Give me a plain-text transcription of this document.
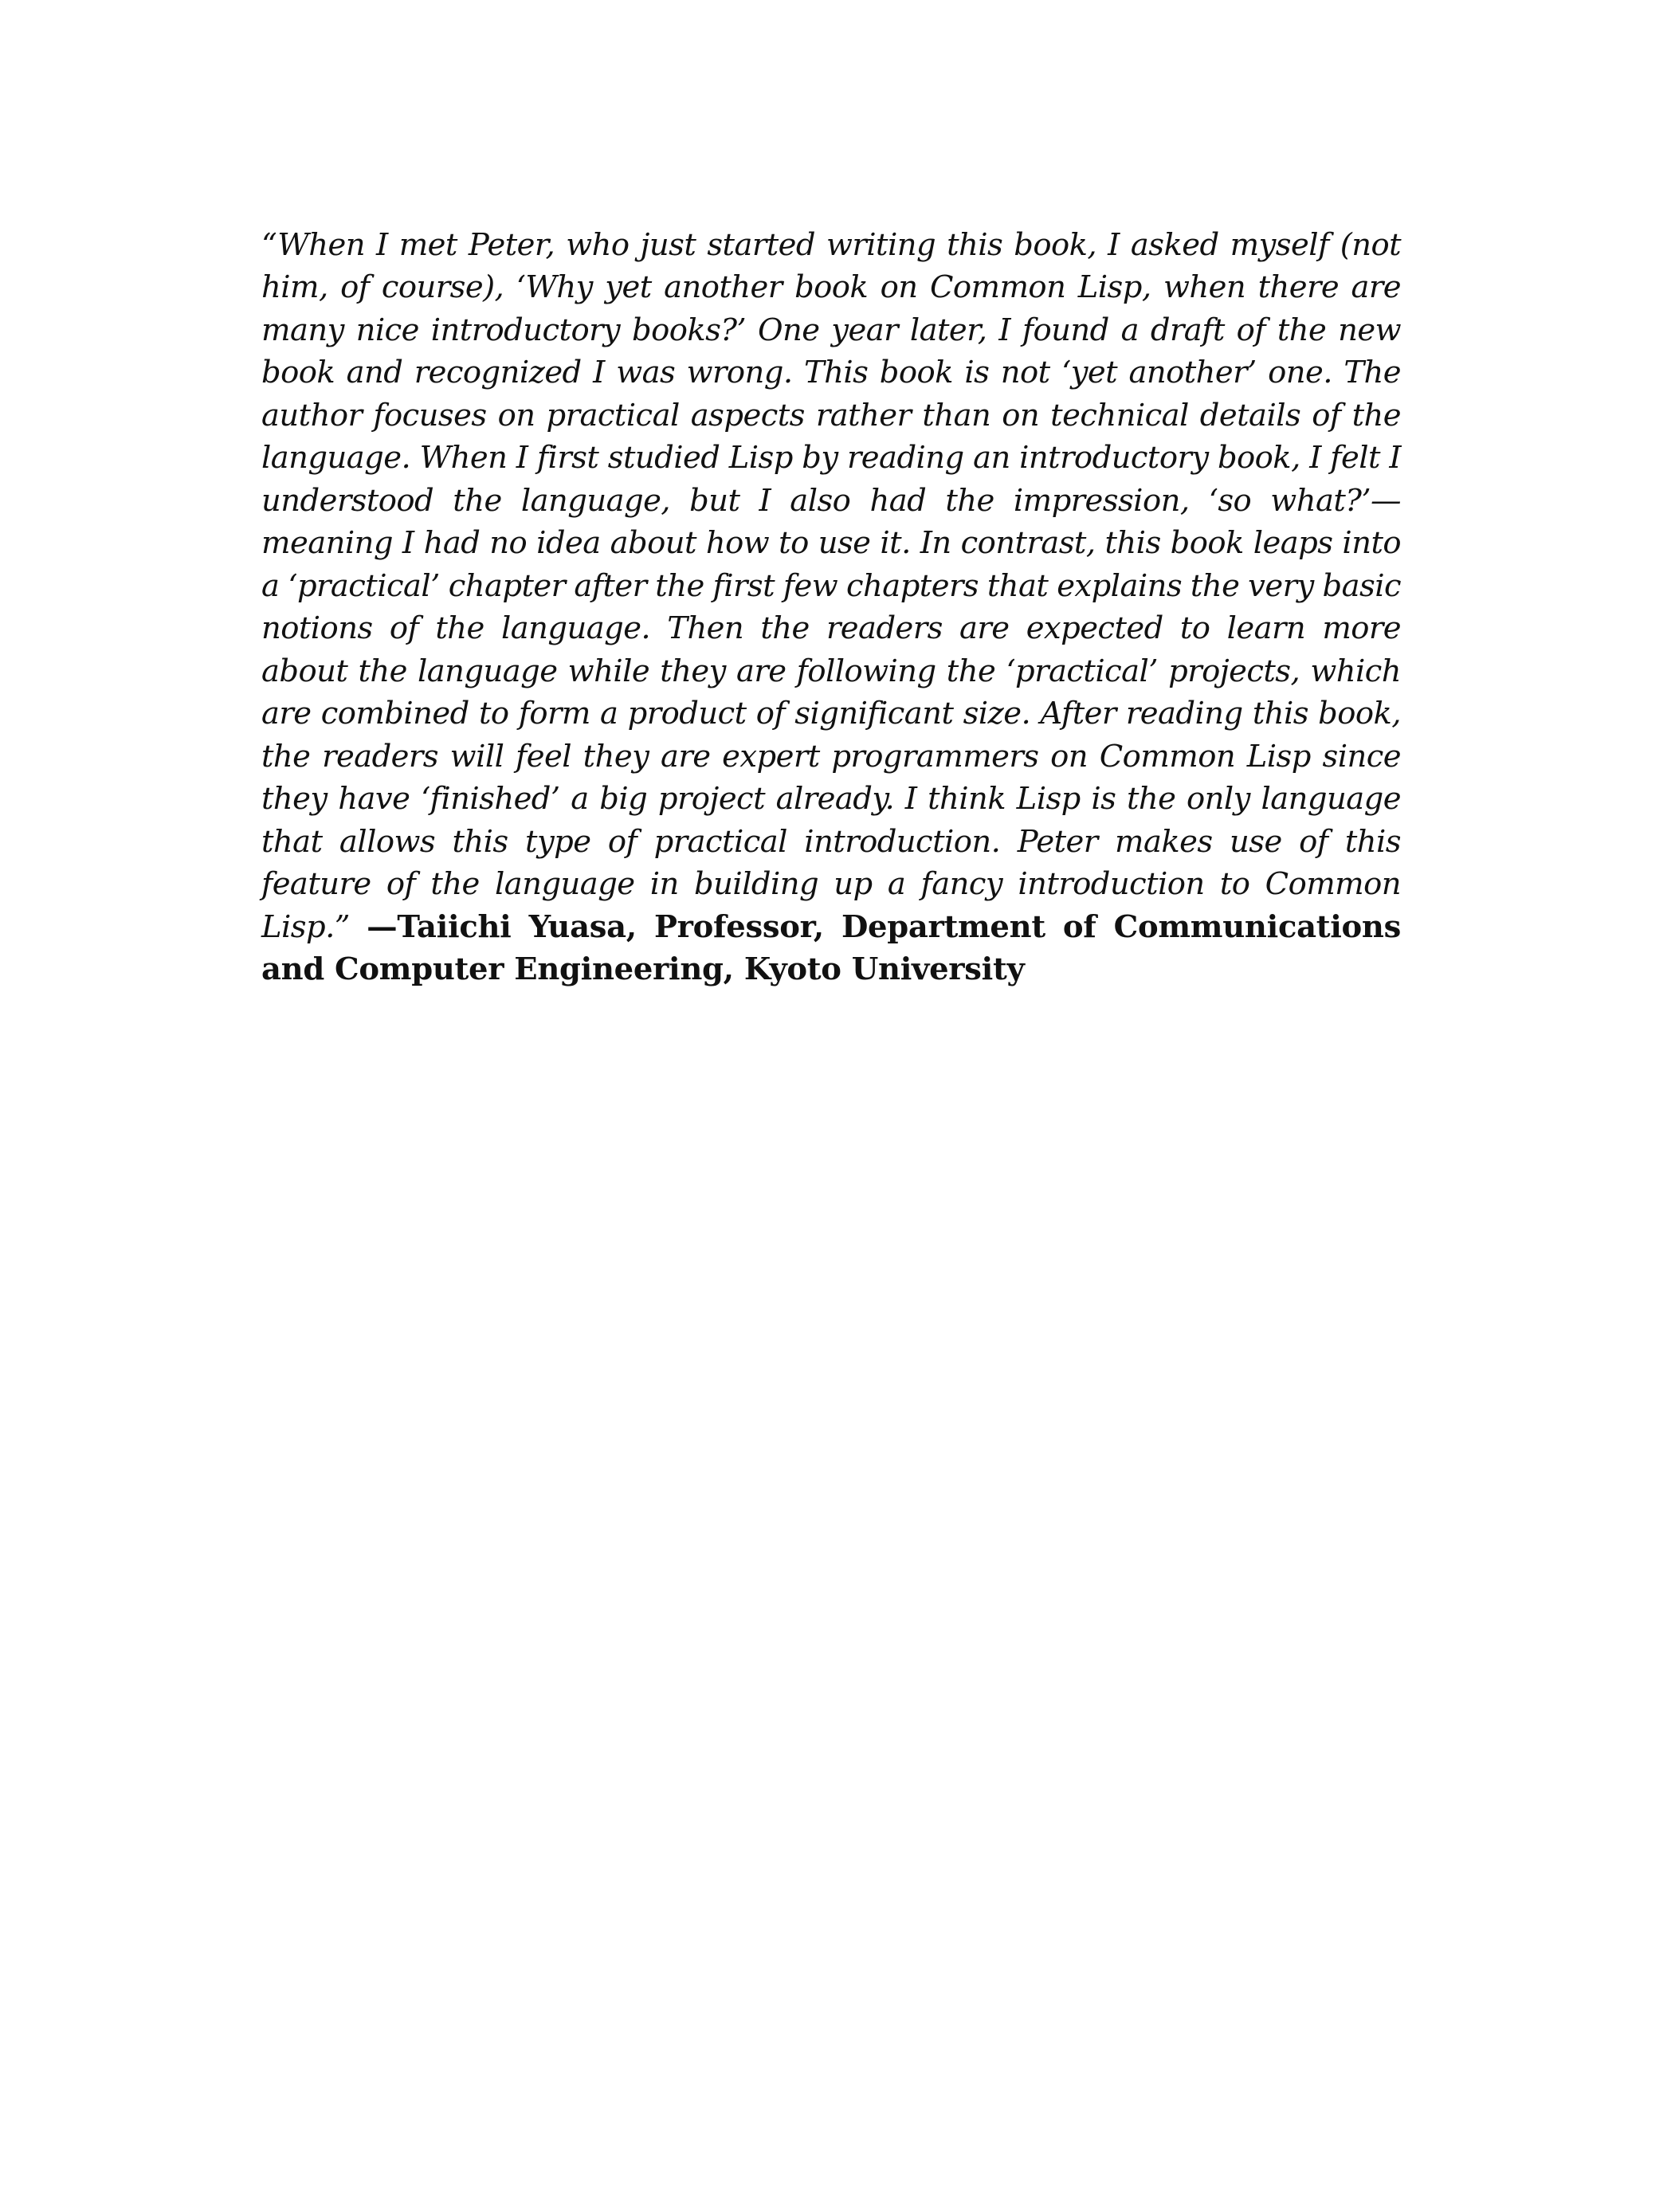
“When I met Peter, who just started writing this book, I asked myself (not him, of course), ‘Why yet another book on Common Lisp, when there are many nice introductory books?’ One year later, I found a draft of the new book and recognized I was wrong. This book is not ‘yet another’ one. The author focuses on practical aspects rather than on technical details of the language. When I first studied Lisp by reading an introductory book, I felt I understood the language, but I also had the impression, ‘so what?’—meaning I had no idea about how to use it. In contrast, this book leaps into a ‘practical’ chapter after the first few chapters that explains the very basic notions of the language. Then the readers are expected to learn more about the language while they are following the ‘practical’ projects, which are combined to form a product of significant size. After reading this book, the readers will feel they are expert programmers on Common Lisp since they have ‘finished’ a big project already. I think Lisp is the only language that allows this type of practical introduction. Peter makes use of this feature of the language in building up a fancy introduction to Common Lisp.” —Taiichi Yuasa, Professor, Department of Communications and Computer Engineering, Kyoto University
